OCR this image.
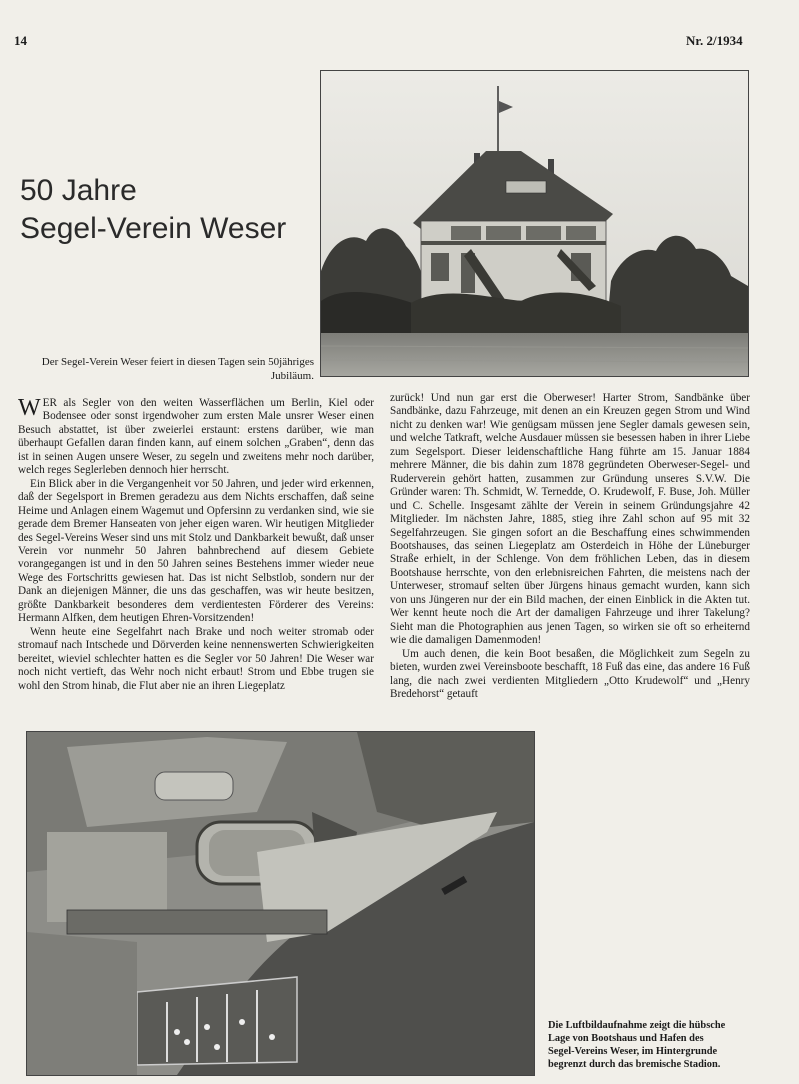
14	Nr. 2/1934
50 Jahre
Segel-Verein Weser
Der Segel-Verein Weser feiert in diesen Tagen sein 50jähriges Jubiläum.

WER als Segler von den weiten Wasserflächen um Berlin, Kiel oder Bodensee oder sonst irgendwoher zum ersten Male unsrer Weser einen Besuch abstattet, ist über zweierlei erstaunt: erstens darüber, wie man überhaupt Gefallen daran finden kann, auf einem solchen „Graben“, denn das ist in seinen Augen unsere Weser, zu segeln und zweitens mehr noch darüber, welch reges Seglerleben dennoch hier herrscht.

Ein Blick aber in die Vergangenheit vor 50 Jahren, und jeder wird erkennen, daß der Segelsport in Bremen geradezu aus dem Nichts erschaffen, daß seine Heime und Anlagen einem Wagemut und Opfersinn zu verdanken sind, wie sie gerade dem Bremer Hanseaten von jeher eigen waren. Wir heutigen Mitglieder des Segel-Vereins Weser sind uns mit Stolz und Dankbarkeit bewußt, daß unser Verein vor nunmehr 50 Jahren bahnbrechend auf diesem Gebiete vorangegangen ist und in den 50 Jahren seines Bestehens immer wieder neue Wege des Fortschritts gewiesen hat. Das ist nicht Selbstlob, sondern nur der Dank an diejenigen Männer, die uns das geschaffen, was wir heute besitzen, größte Dankbarkeit besonderes dem verdientesten Förderer des Vereins: Hermann Alfken, dem heutigen Ehren-Vorsitzenden!

Wenn heute eine Segelfahrt nach Brake und noch weiter stromab oder stromauf nach Intschede und Dörverden keine nennenswerten Schwierigkeiten bereitet, wieviel schlechter hatten es die Segler vor 50 Jahren! Die Weser war noch nicht vertieft, das Wehr noch nicht erbaut! Strom und Ebbe trugen sie wohl den Strom hinab, die Flut aber nie an ihren Liegeplatz

zurück! Und nun gar erst die Oberweser! Harter Strom, Sandbänke über Sandbänke, dazu Fahrzeuge, mit denen an ein Kreuzen gegen Strom und Wind nicht zu denken war! Wie genügsam müssen jene Segler damals gewesen sein, und welche Tatkraft, welche Ausdauer müssen sie besessen haben in ihrer Liebe zum Segelsport. Dieser leidenschaftliche Hang führte am 15. Januar 1884 mehrere Männer, die bis dahin zum 1878 gegründeten Oberweser-Segel- und Ruderverein gehört hatten, zusammen zur Gründung unseres S.V.W. Die Gründer waren: Th. Schmidt, W. Ternedde, O. Krudewolf, F. Buse, Joh. Müller und C. Schelle. Insgesamt zählte der Verein in seinem Gründungsjahre 42 Mitglieder. Im nächsten Jahre, 1885, stieg ihre Zahl schon auf 95 mit 32 Segelfahrzeugen. Sie gingen sofort an die Beschaffung eines schwimmenden Bootshauses, das seinen Liegeplatz am Osterdeich in Höhe der Lüneburger Straße erhielt, in der Schlenge. Von dem fröhlichen Leben, das in diesem Bootshause herrschte, von den erlebnisreichen Fahrten, die meistens nach der Unterweser, stromauf selten über Jürgens hinaus gemacht wurden, kann sich von uns Jüngeren nur der ein Bild machen, der einen Einblick in die Akten tut. Wer kennt heute noch die Art der damaligen Fahrzeuge und ihrer Takelung? Sieht man die Photographien aus jenen Tagen, so wirken sie oft so erheiternd wie die damaligen Damenmoden!

Um auch denen, die kein Boot besaßen, die Möglichkeit zum Segeln zu bieten, wurden zwei Vereinsboote beschafft, 18 Fuß das eine, das andere 16 Fuß lang, die nach zwei verdienten Mitgliedern „Otto Krudewolf“ und „Henry Bredehorst“ getauft

Die Luftbildaufnahme zeigt die hübsche
Lage von Bootshaus und Hafen des
Segel-Vereins Weser, im Hintergrunde
begrenzt durch das bremische Stadion.
